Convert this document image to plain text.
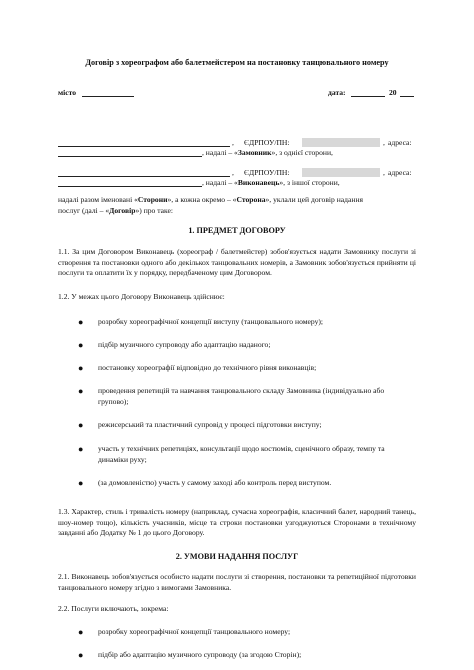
Договір з хореографом або балетмейстером на постановку танцювального номеру
місто	дата:	20
, ЄДРПОУ/ПН:	, адреса:
, надалі – «Замовник», з однієї сторони,
, ЄДРПОУ/ПН:	, адреса:
, надалі – «Виконавець», з іншої сторони,
надалі разом іменовані «Сторони», а кожна окремо – «Сторона», уклали цей договір надання
послуг (далі – «Договір») про таке:
1. ПРЕДМЕТ ДОГОВОРУ
1.1. За цим Договором Виконавець (хореограф / балетмейстер) зобов'язується надати Замовнику послуги зі створення та постановки одного або декількох танцювальних номерів, а Замовник зобов'язується прийняти ці послуги та оплатити їх у порядку, передбаченому цим Договором.
1.2. У межах цього Договору Виконавець здійснює:
● розробку хореографічної концепції виступу (танцювального номеру);
● підбір музичного супроводу або адаптацію наданого;
● постановку хореографії відповідно до технічного рівня виконавців;
● проведення репетицій та навчання танцювального складу Замовника (індивідуально або групово);
● режисерський та пластичний супровід у процесі підготовки виступу;
● участь у технічних репетиціях, консультації щодо костюмів, сценічного образу, темпу та динаміки руху;
● (за домовленістю) участь у самому заході або контроль перед виступом.
1.3. Характер, стиль і тривалість номеру (наприклад, сучасна хореографія, класичний балет, народний танець, шоу-номер тощо), кількість учасників, місце та строки постановки узгоджуються Сторонами в технічному завданні або Додатку № 1 до цього Договору.
2. УМОВИ НАДАННЯ ПОСЛУГ
2.1. Виконавець зобов'язується особисто надати послуги зі створення, постановки та репетиційної підготовки танцювального номеру згідно з вимогами Замовника.
2.2. Послуги включають, зокрема:
● розробку хореографічної концепції танцювального номеру;
● підбір або адаптацію музичного супроводу (за згодою Сторін);
